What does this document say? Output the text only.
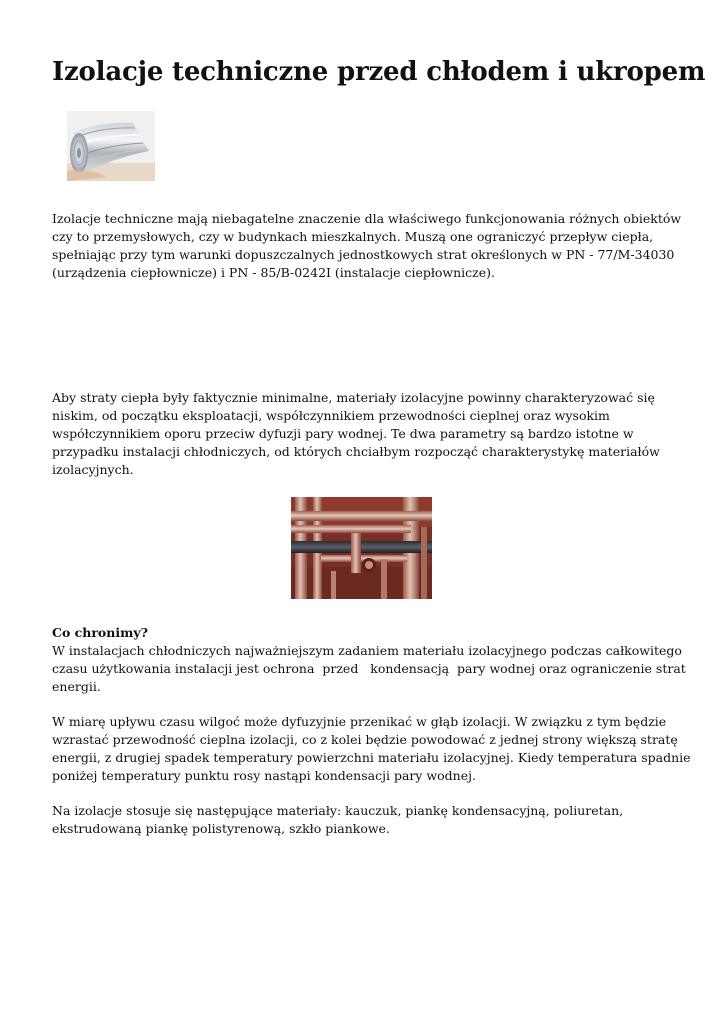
Izolacje techniczne przed chłodem i ukropem

Izolacje techniczne mają niebagatelne znaczenie dla właściwego funkcjonowania różnych obiektów
czy to przemysłowych, czy w budynkach mieszkalnych. Muszą one ograniczyć przepływ ciepła,
spełniając przy tym warunki dopuszczalnych jednostkowych strat określonych w PN - 77/M-34030
(urządzenia ciepłownicze) i PN - 85/B-0242I (instalacje ciepłownicze).

Aby straty ciepła były faktycznie minimalne, materiały izolacyjne powinny charakteryzować się
niskim, od początku eksploatacji, współczynnikiem przewodności cieplnej oraz wysokim
współczynnikiem oporu przeciw dyfuzji pary wodnej. Te dwa parametry są bardzo istotne w
przypadku instalacji chłodniczych, od których chciałbym rozpocząć charakterystykę materiałów
izolacyjnych.

Co chronimy?

W instalacjach chłodniczych najważniejszym zadaniem materiału izolacyjnego podczas całkowitego
czasu użytkowania instalacji jest ochrona  przed   kondensacją  pary wodnej oraz ograniczenie strat
energii.

W miarę upływu czasu wilgoć może dyfuzyjnie przenikać w głąb izolacji. W związku z tym będzie
wzrastać przewodność cieplna izolacji, co z kolei będzie powodować z jednej strony większą stratę
energii, z drugiej spadek temperatury powierzchni materiału izolacyjnej. Kiedy temperatura spadnie
poniżej temperatury punktu rosy nastąpi kondensacji pary wodnej.

Na izolacje stosuje się następujące materiały: kauczuk, piankę kondensacyjną, poliuretan,
ekstrudowaną piankę polistyrenową, szkło piankowe.
